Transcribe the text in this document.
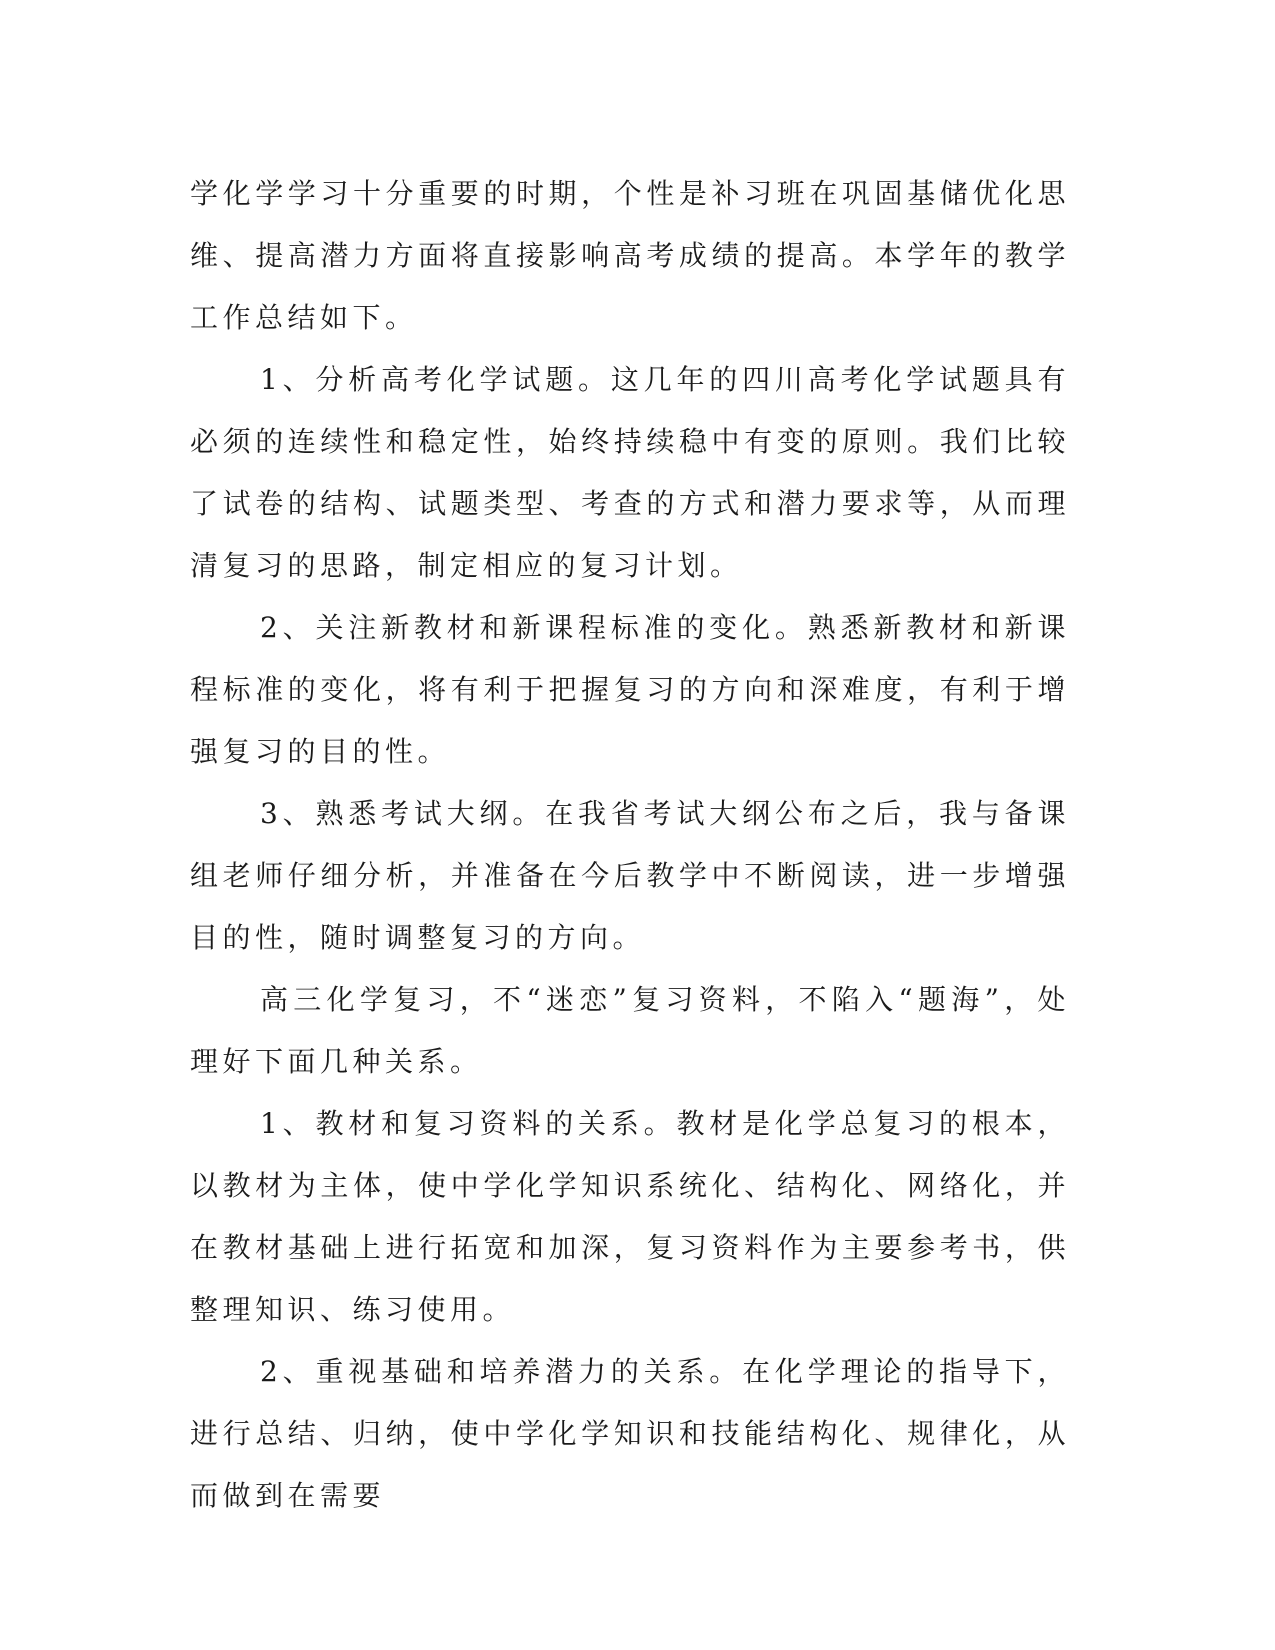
学化学学习十分重要的时期，个性是补习班在巩固基储优化思维、提高潜力方面将直接影响高考成绩的提高。本学年的教学工作总结如下。

1、分析高考化学试题。这几年的四川高考化学试题具有必须的连续性和稳定性，始终持续稳中有变的原则。我们比较了试卷的结构、试题类型、考查的方式和潜力要求等，从而理清复习的思路，制定相应的复习计划。

2、关注新教材和新课程标准的变化。熟悉新教材和新课程标准的变化，将有利于把握复习的方向和深难度，有利于增强复习的目的性。

3、熟悉考试大纲。在我省考试大纲公布之后，我与备课组老师仔细分析，并准备在今后教学中不断阅读，进一步增强目的性，随时调整复习的方向。

高三化学复习，不“迷恋”复习资料，不陷入“题海”，处理好下面几种关系。

1、教材和复习资料的关系。教材是化学总复习的根本，以教材为主体，使中学化学知识系统化、结构化、网络化，并在教材基础上进行拓宽和加深，复习资料作为主要参考书，供整理知识、练习使用。

2、重视基础和培养潜力的关系。在化学理论的指导下，进行总结、归纳，使中学化学知识和技能结构化、规律化，从而做到在需要
